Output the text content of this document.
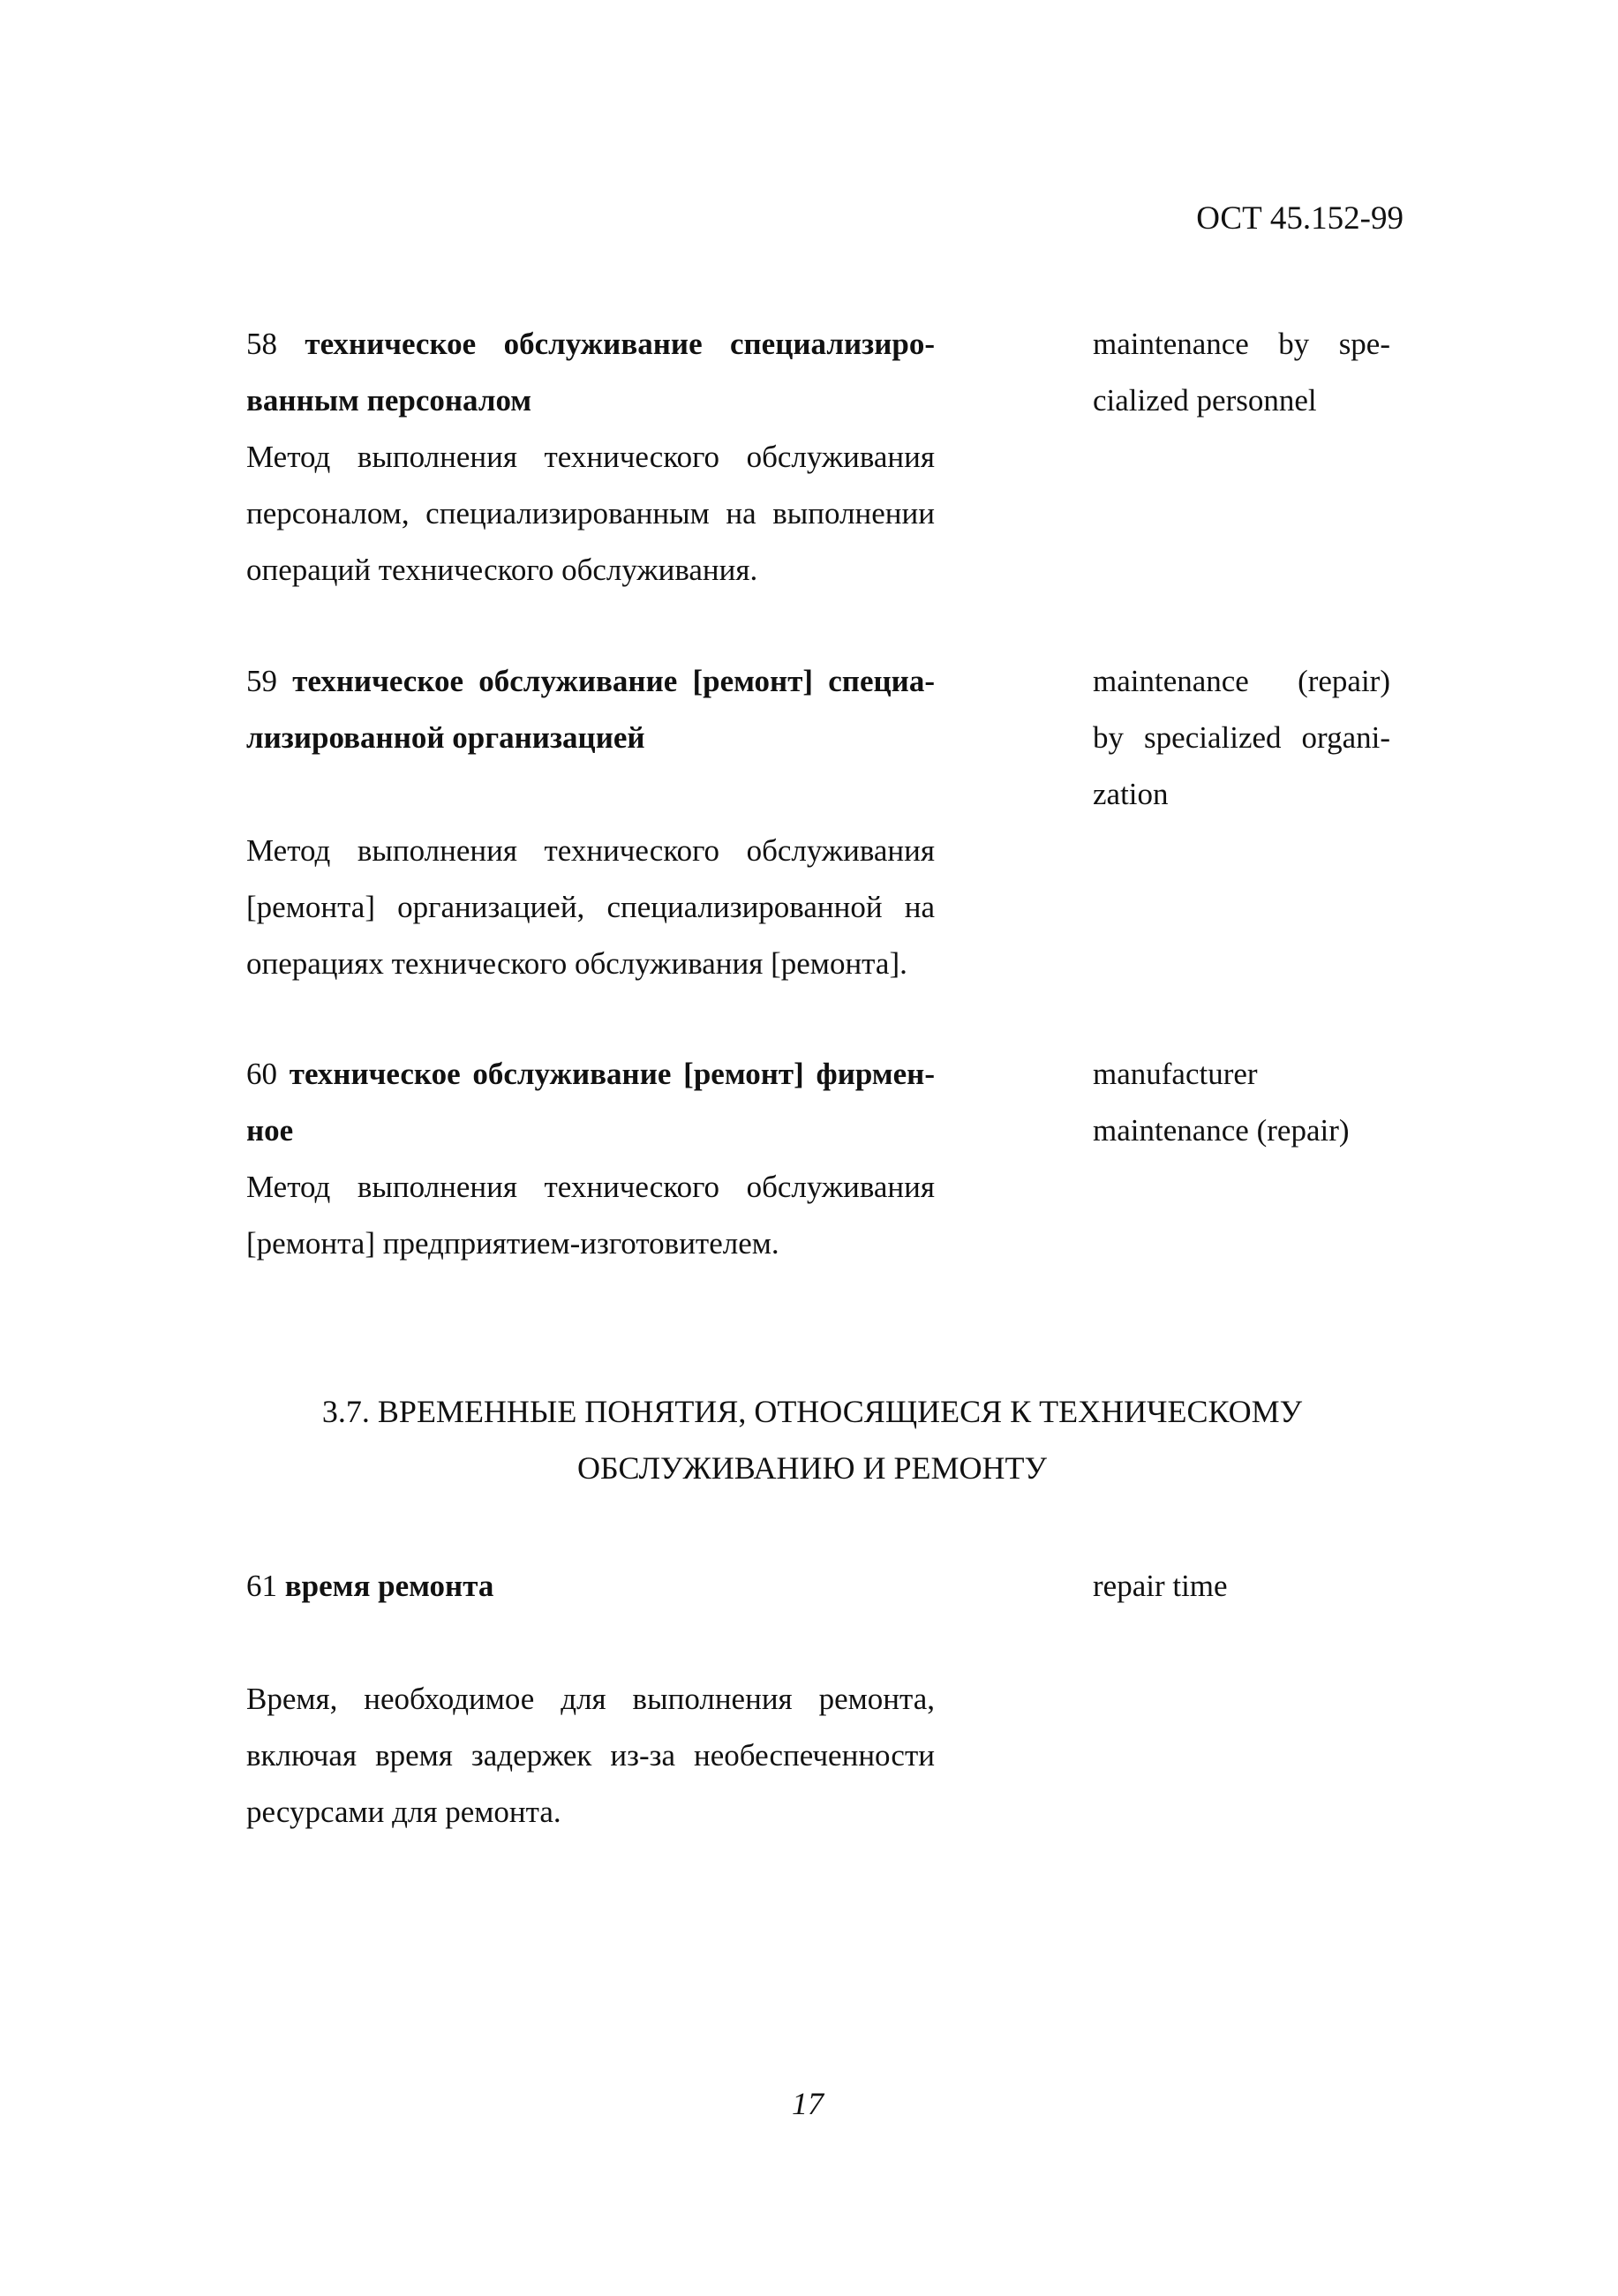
ОСТ 45.152-99
58 техническое обслуживание специализиро-
ванным персоналом
Метод выполнения технического обслуживания персоналом, специализированным на выполнении операций технического обслуживания.
maintenance by spe-
cialized personnel
59 техническое обслуживание [ремонт] специа-
лизированной организацией
Метод выполнения технического обслуживания [ремонта] организацией, специализированной на операциях технического обслуживания [ремонта].
maintenance (repair)
by specialized organi-
zation
60 техническое обслуживание [ремонт] фирмен-
ное
Метод выполнения технического обслуживания [ремонта] предприятием-изготовителем.
manufacturer
maintenance (repair)
3.7. ВРЕМЕННЫЕ ПОНЯТИЯ, ОТНОСЯЩИЕСЯ К ТЕХНИЧЕСКОМУ
ОБСЛУЖИВАНИЮ И РЕМОНТУ
61 время ремонта
Время, необходимое для выполнения ремонта, включая время задержек из-за необеспеченности ресурсами для ремонта.
repair time
17
